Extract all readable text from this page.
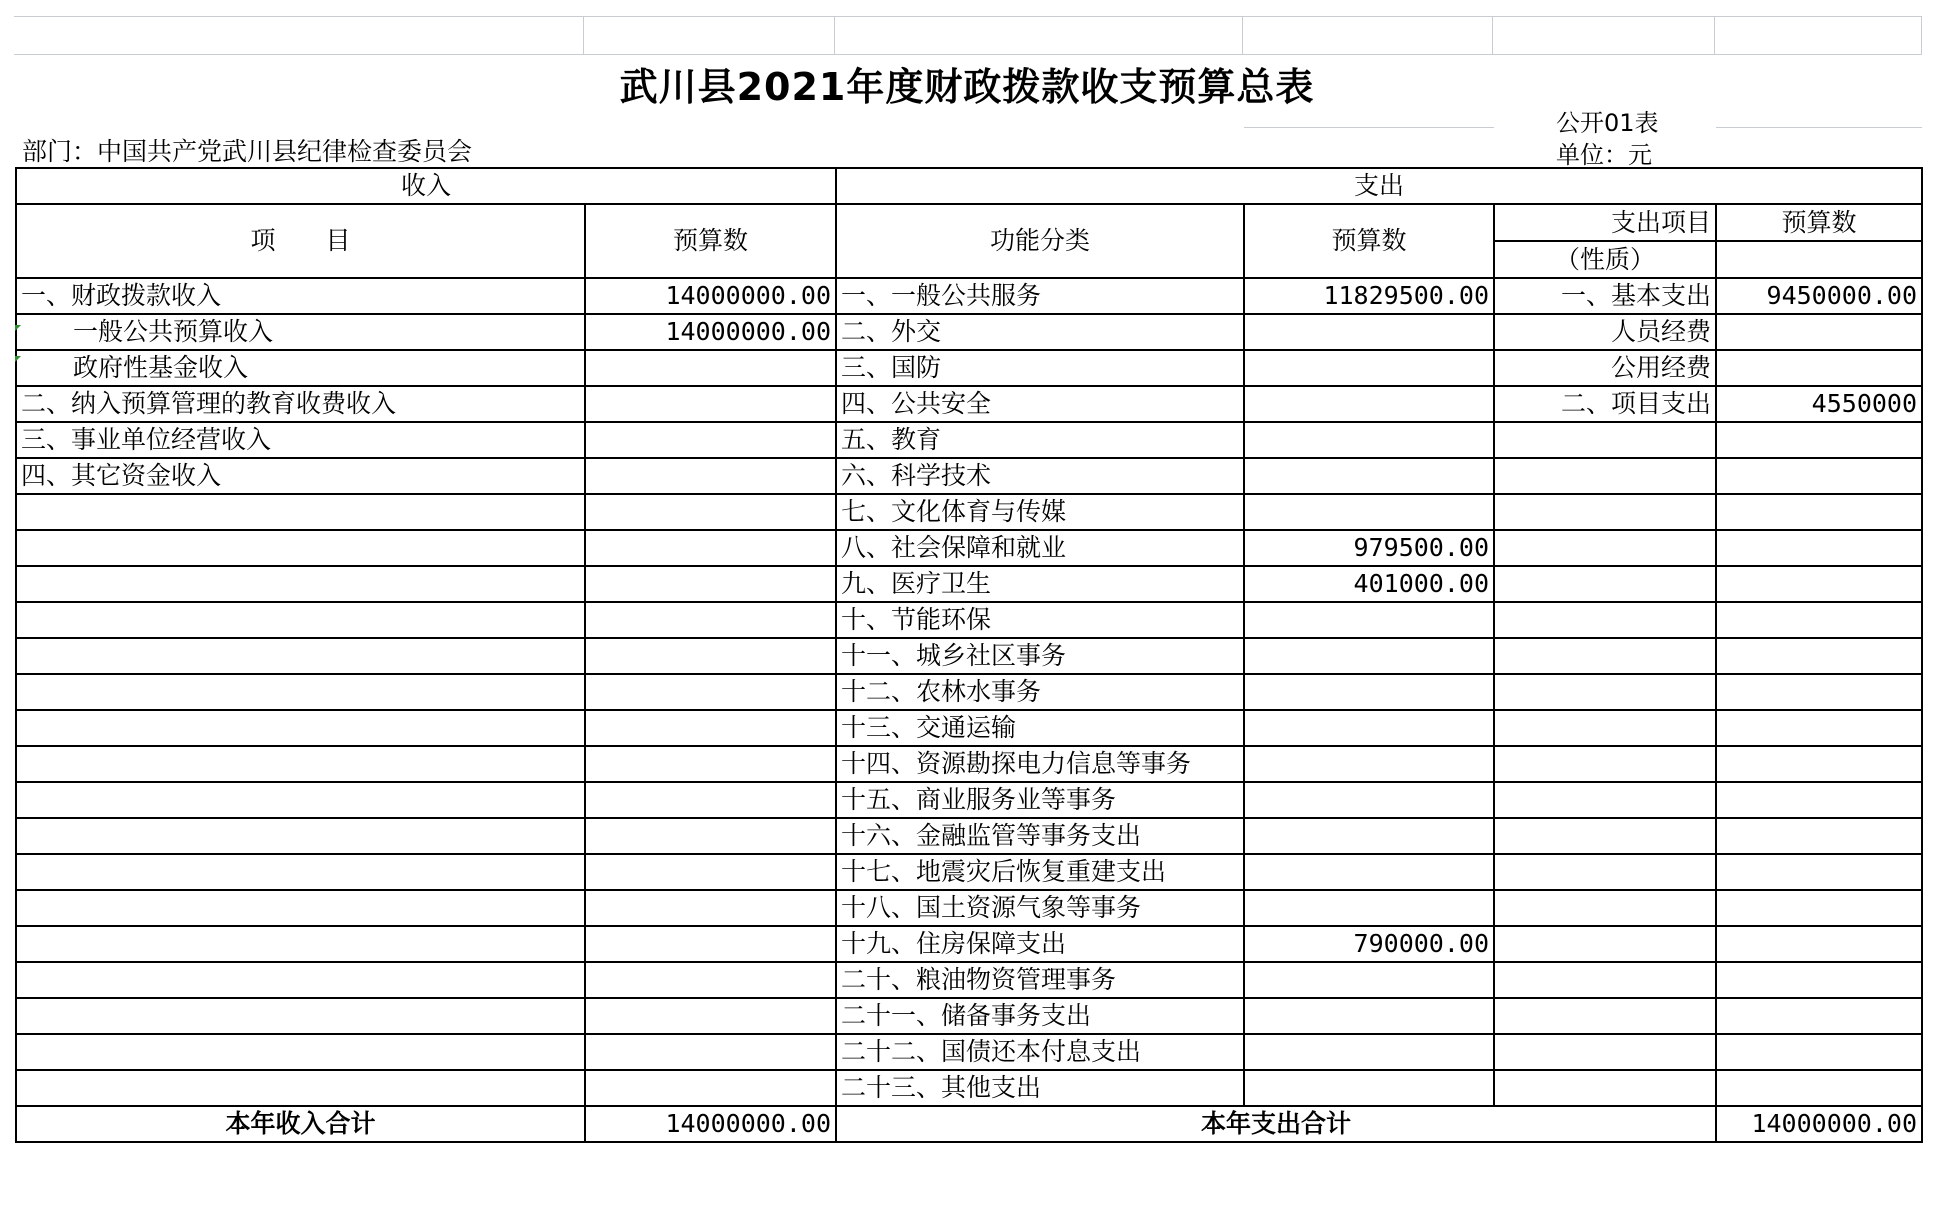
武川县2021年度财政拨款收支预算总表
部门：中国共产党武川县纪律检查委员会
公开01表
单位：元
收入		支出			
项　　目	预算数	功能分类	预算数	支出项目	预算数
				（性质）	
一、财政拨款收入	14000000.00	一、一般公共服务	11829500.00	一、基本支出	9450000.00
一般公共预算收入	14000000.00	二、外交		人员经费	
政府性基金收入		三、国防		公用经费	
二、纳入预算管理的教育收费收入		四、公共安全		二、项目支出	4550000
三、事业单位经营收入		五、教育			
四、其它资金收入		六、科学技术			
		七、文化体育与传媒			
		八、社会保障和就业	979500.00		
		九、医疗卫生	401000.00		
		十、节能环保			
		十一、城乡社区事务			
		十二、农林水事务			
		十三、交通运输			
		十四、资源勘探电力信息等事务			
		十五、商业服务业等事务			
		十六、金融监管等事务支出			
		十七、地震灾后恢复重建支出			
		十八、国土资源气象等事务			
		十九、住房保障支出	790000.00		
		二十、粮油物资管理事务			
		二十一、储备事务支出			
		二十二、国债还本付息支出			
		二十三、其他支出			
本年收入合计	14000000.00	本年支出合计			14000000.00
